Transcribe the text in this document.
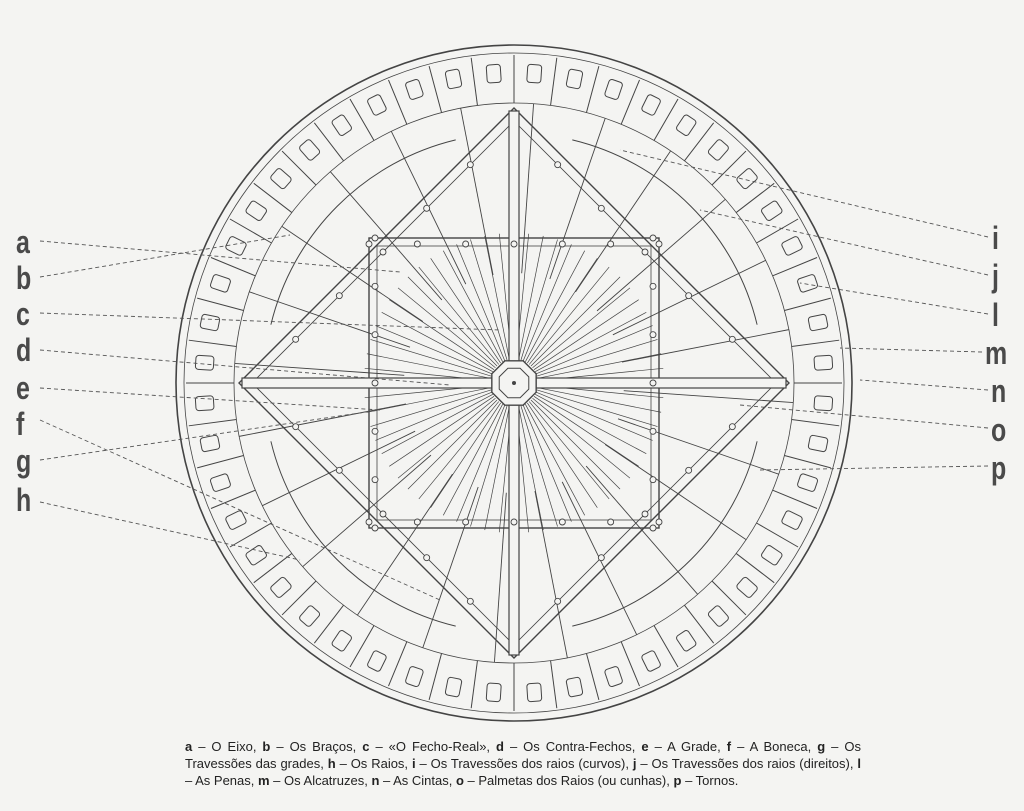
a
b
c
d
e
f
g
h
i
j
l
m
n
o
p
a – O Eixo, b – Os Braços, c – «O Fecho-Real», d – Os Contra-Fechos, e – A Grade, f – A Boneca, g – Os Travessões das grades, h – Os Raios, i – Os Travessões dos raios (curvos), j – Os Travessões dos raios (direitos), l – As Penas, m – Os Alcatruzes, n – As Cintas, o – Palmetas dos Raios (ou cunhas), p – Tornos.
